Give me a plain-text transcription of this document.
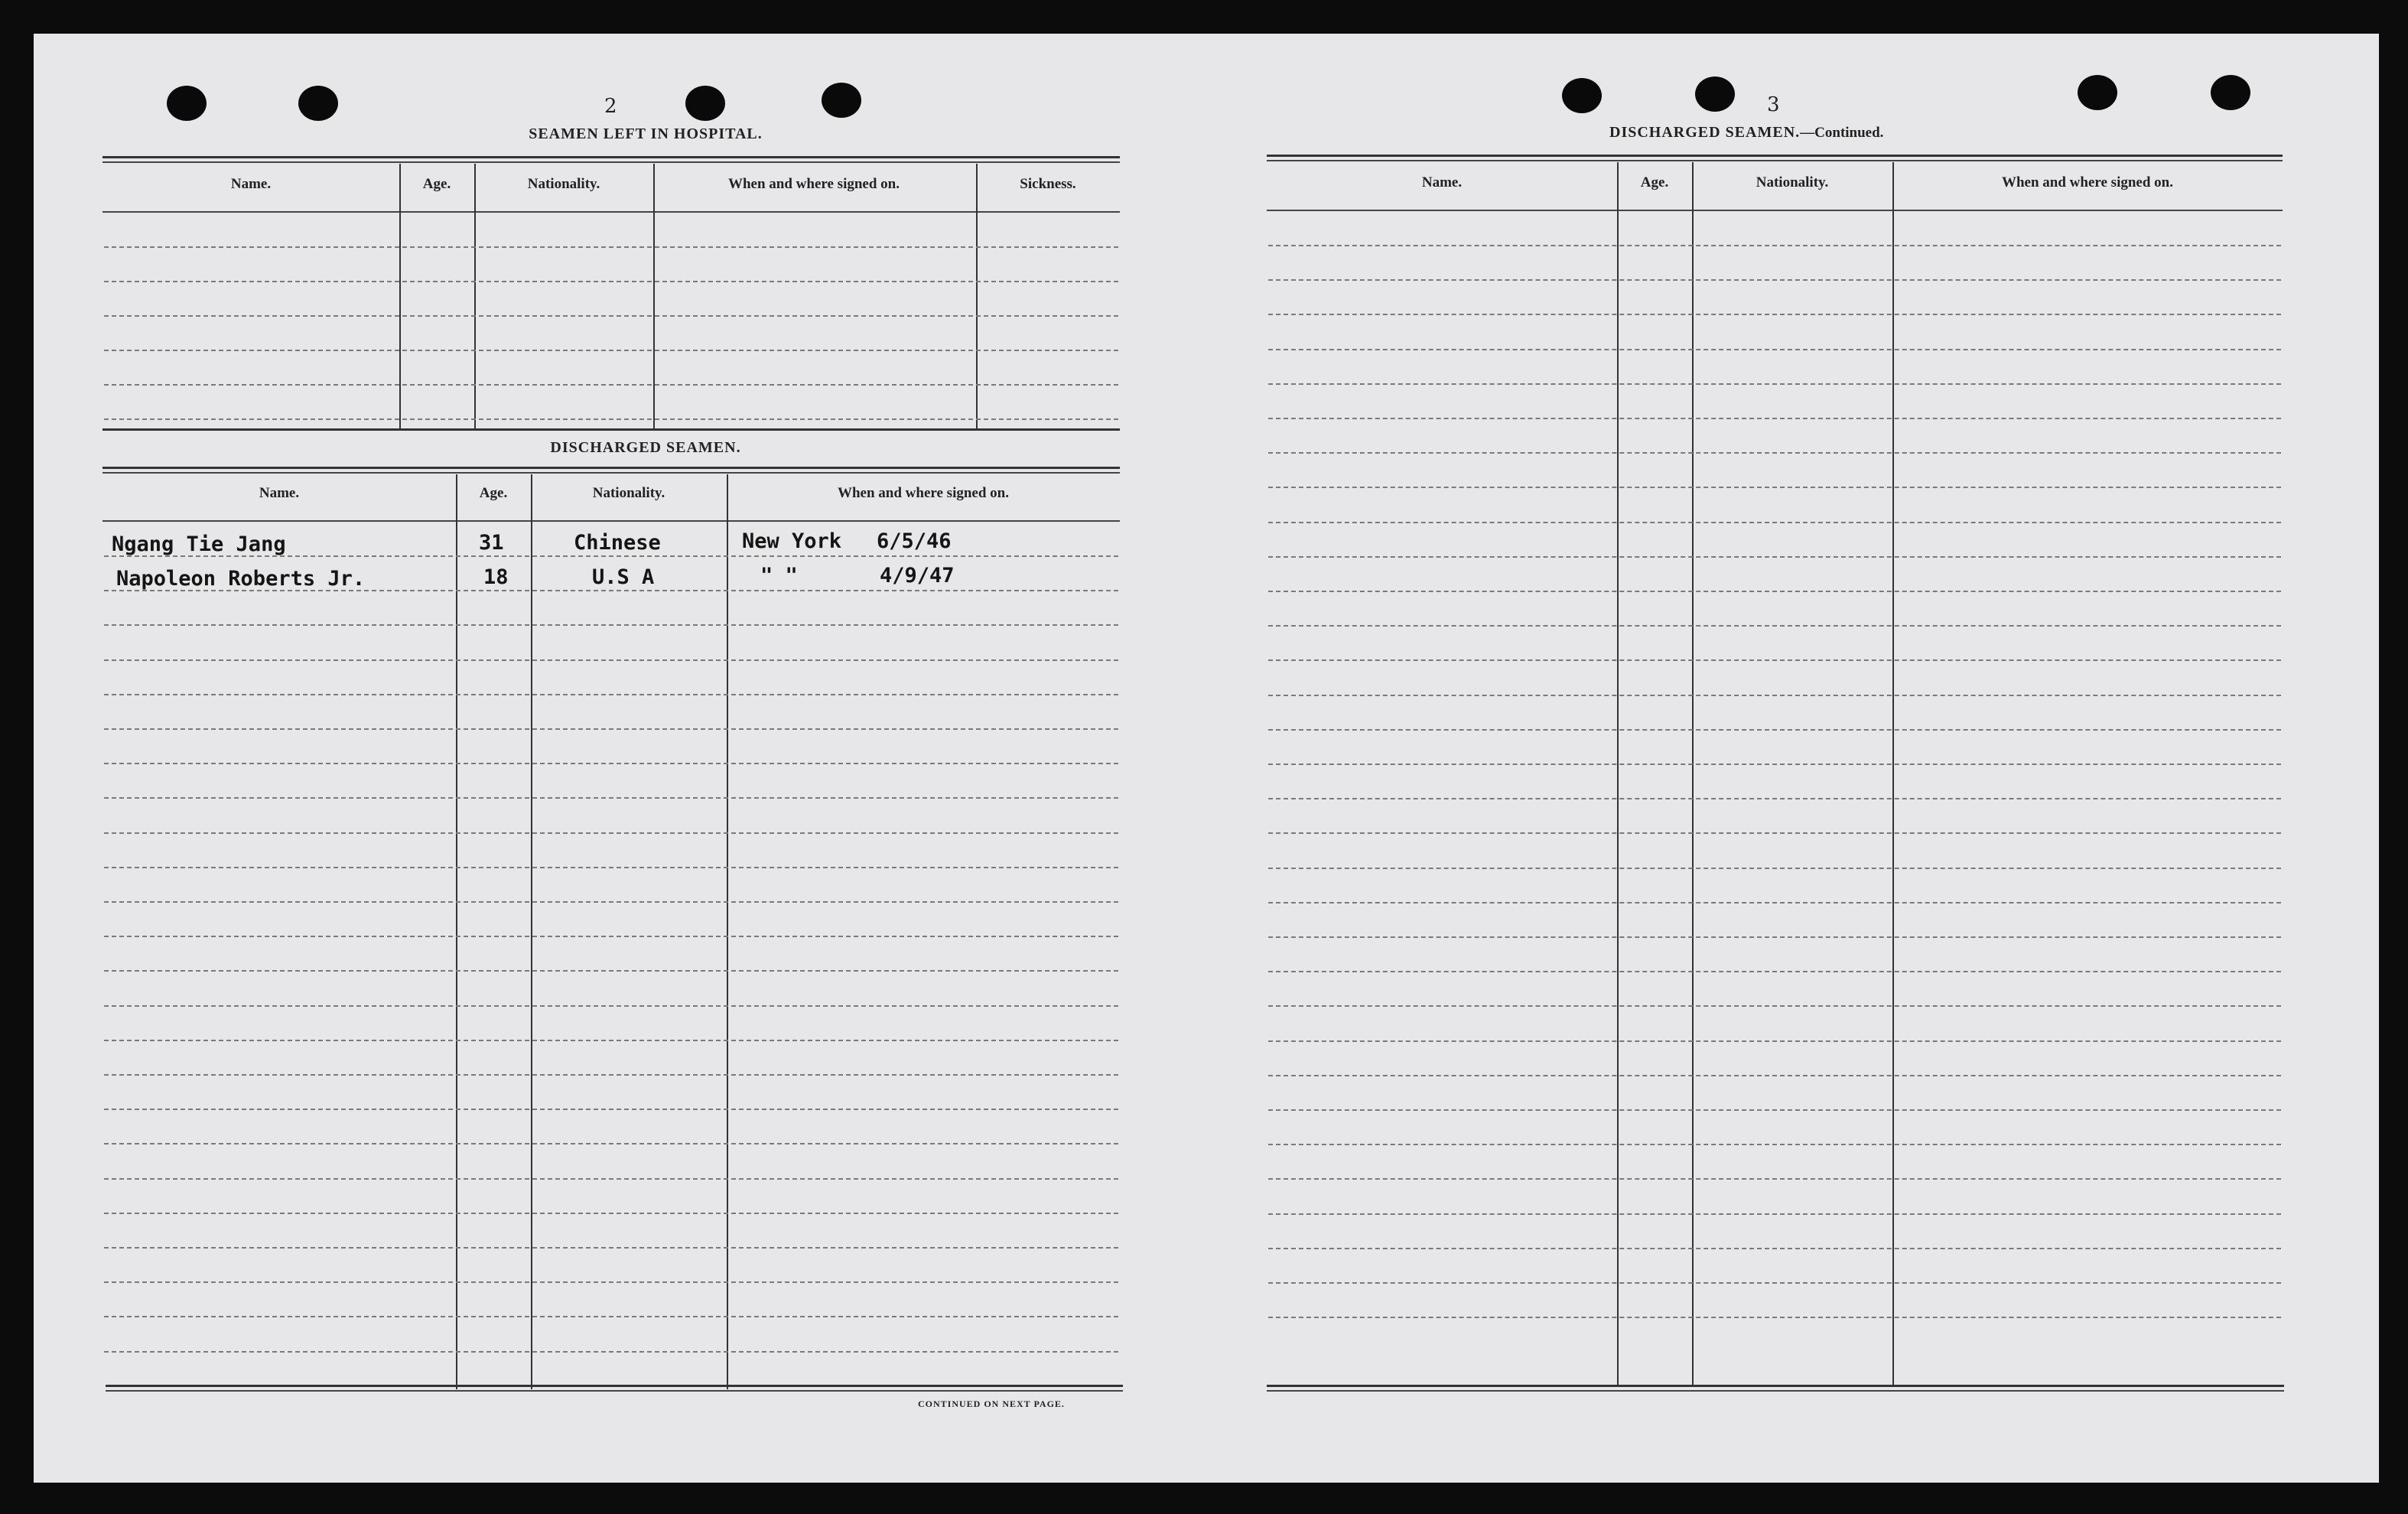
2
SEAMEN LEFT IN HOSPITAL.
Name.	Age.	Nationality.	When and where signed on.	Sickness.
DISCHARGED SEAMEN.
Name.	Age.	Nationality.	When and where signed on.
Ngang Tie Jang	31	Chinese	New York 6/5/46
Napoleon Roberts Jr.	18	U.S A	" "	4/9/47
CONTINUED ON NEXT PAGE.
3
DISCHARGED SEAMEN.—Continued.
Name.	Age.	Nationality.	When and where signed on.
